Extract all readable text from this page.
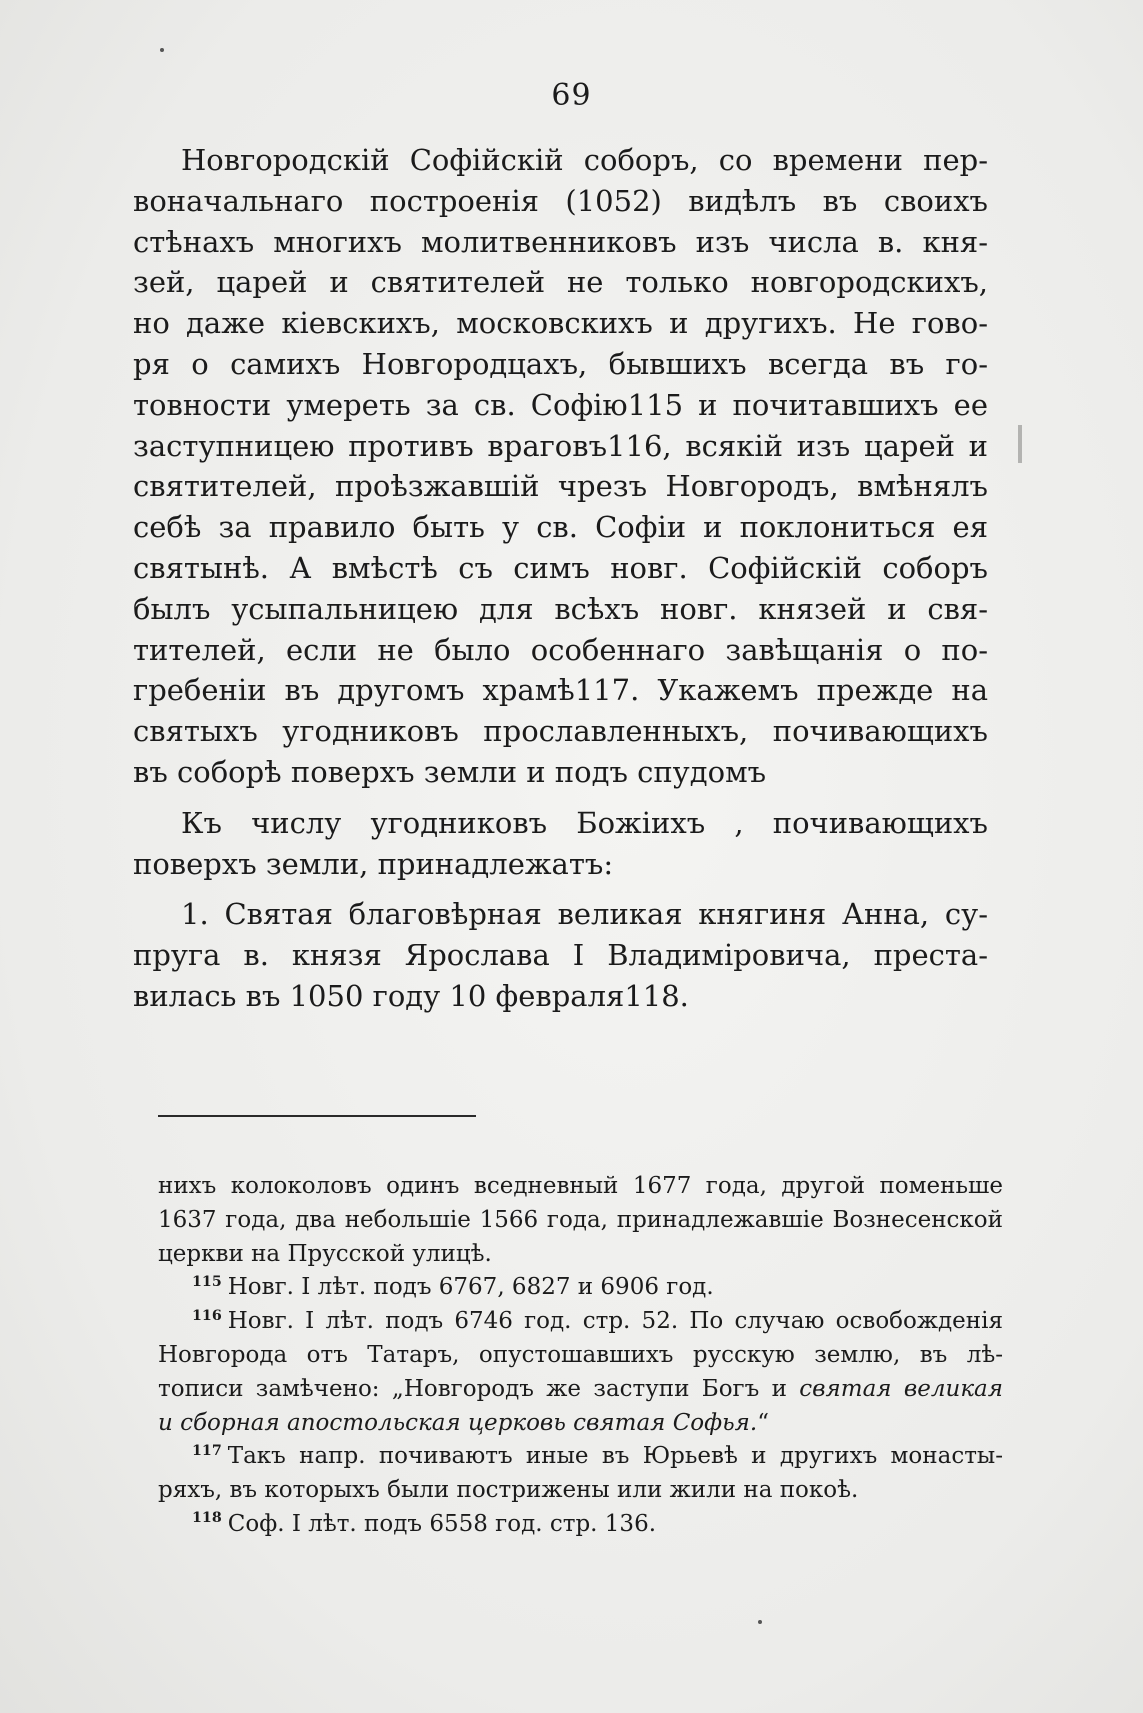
69
Новгородскій Софійскій соборъ, со времени пер-
воначальнаго построенія (1052) видѣлъ въ своихъ
стѣнахъ многихъ молитвенниковъ изъ числа в. кня-
зей, царей и святителей не только новгородскихъ,
но даже кіевскихъ, московскихъ и другихъ. Не гово-
ря о самихъ Новгородцахъ, бывшихъ всегда въ го-
товности умереть за св. Софію115 и почитавшихъ ее
заступницею противъ враговъ116, всякій изъ царей и
святителей, проѣзжавшій чрезъ Новгородъ, вмѣнялъ
себѣ за правило быть у св. Софіи и поклониться ея
святынѣ. А вмѣстѣ съ симъ новг. Софійскій соборъ
былъ усыпальницею для всѣхъ новг. князей и свя-
тителей, если не было особеннаго завѣщанія о по-
гребеніи въ другомъ храмѣ117. Укажемъ прежде на
святыхъ угодниковъ прославленныхъ, почивающихъ
въ соборѣ поверхъ земли и подъ спудомъ
Къ числу угодниковъ Божіихъ , почивающихъ
поверхъ земли, принадлежатъ:
1. Святая благовѣрная великая княгиня Анна, су-
пруга в. князя Ярослава I Владиміровича, преста-
вилась въ 1050 году 10 февраля118.
нихъ колоколовъ одинъ вседневный 1677 года, другой поменьше
1637 года, два небольшіе 1566 года, принадлежавшіе Вознесенской
церкви на Прусской улицѣ.
$^{115}$ Новг. I лѣт. подъ 6767, 6827 и 6906 год.
$^{116}$ Новг. I лѣт. подъ 6746 год. стр. 52. По случаю освобожденія
Новгорода отъ Татаръ, опустошавшихъ русскую землю, въ лѣ-
тописи замѣчено: „Новгородъ же заступи Богъ и святая великая
и сборная апостольская церковь святая Софья.“
$^{117}$ Такъ напр. почиваютъ иные въ Юрьевѣ и другихъ монасты-
ряхъ, въ которыхъ были пострижены или жили на покоѣ.
$^{118}$ Соф. I лѣт. подъ 6558 год. стр. 136.
